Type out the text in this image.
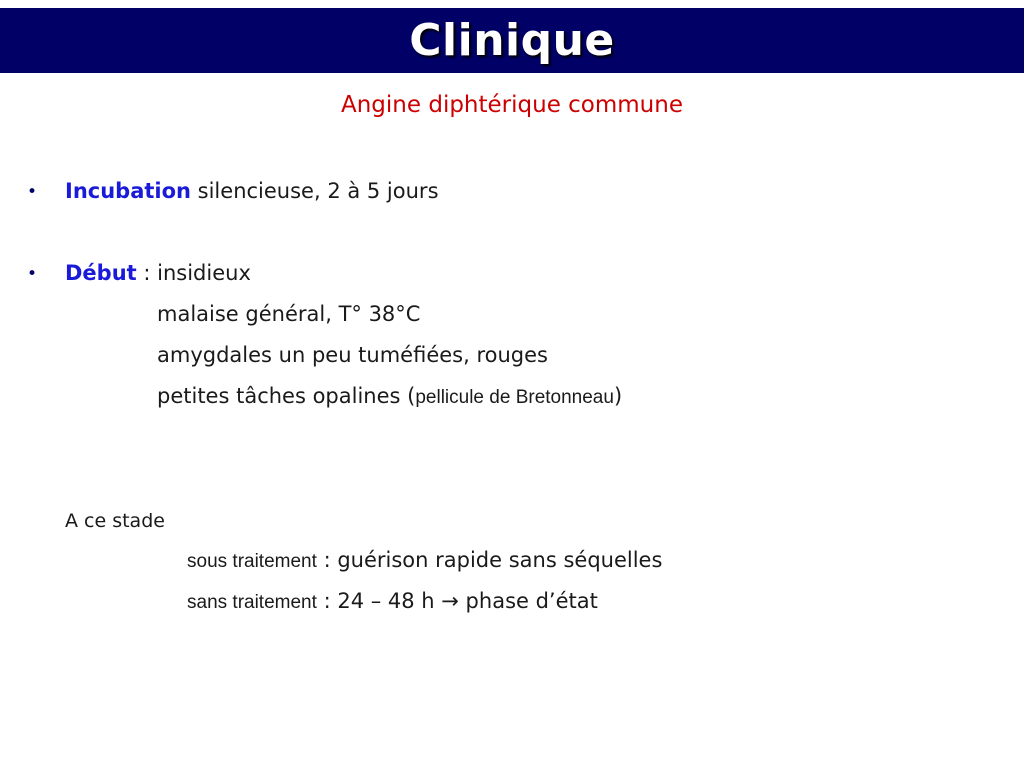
Clinique
Angine diphtérique commune
• Incubation silencieuse, 2 à 5 jours
• Début : insidieux
malaise général, T° 38°C
amygdales un peu tuméfiées, rouges
petites tâches opalines (pellicule de Bretonneau)
A ce stade
sous traitement : guérison rapide sans séquelles
sans traitement : 24 – 48 h → phase d’état
